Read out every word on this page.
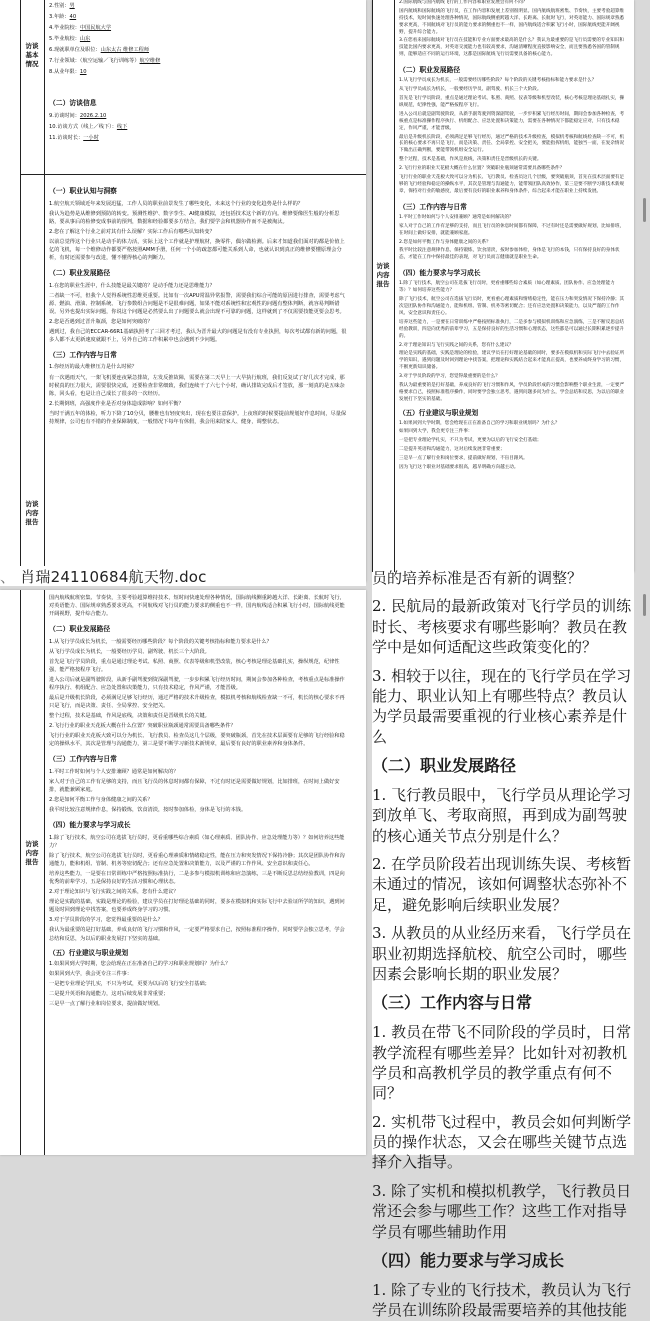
访谈基本情况
访谈内容报告
2.性别：男
3.年龄：40
4.毕业院校：中国民航大学
5.毕业航校：山东
6.现就职单位及职位：山东太古 维修工程师
7.行业领域：（航空运输／飞行训练等）航空维修
8.从业年限：10

（二）访谈信息

9.访谈时间：2026.2.10
10.访谈方式（线上／线下）：线下
11.访谈时长：一小时

（一）职业认知与洞察

1.航空航天领域近年来发展迅猛，工作人员的职业前景发生了哪些变化，未来这个行业的变化趋势是什么样的？

我认为趋势是从维修到预防的转变。预测性维护、数字孪生、AI健康模拟，还包括技术这个新的方向。维修要像医生般的分析思路，要从事后的检修变成事前的预判，数据和经验都要多方结合，我们要学会和机器协作而不是被淘汰。

2.您在了解这个行业之前对其有什么误解？实际工作后有哪些认知转变？

以前总觉得这个行业只是动手的体力活，实际上这个工作就是护理航材，换零件，偶尔做检测。后来才知道我们面对的都是价值上亿的飞机，每一个维修动作都要严格按照AMM手册，任何一个小的疏忽都可能关系到人命，也就认识到真正的维修要懂原理会分析，有时还需要参与改进，懂不懂得核心的判断力。

（二）职业发展路径

1.在您的职业生涯中，什么技能是最关键的？是动手能力还是思维能力？

二者缺一不可，但我个人觉得系统性思维更重要。比如有一次APU常温异常报警，需要我们综合可能的原因进行排查，需要考虑气源、燃油、滑油、控制系统、飞行参数组合问题是不是很难问题，如果不能对系统性和宏观性的问题有整体判断，就容易判断错误。另外也提出实际问题，你说这个问题是必然要么出了问题要么就会出现不可靠的问题，这样就到了不仅需要技能更要会思考。

2.您是否遇到过晋升瓶颈，您是如何突破的？

遇到过，我自己的ECCAR-66R1基础执照考了三回才考过，我认为晋升最大的问题是有没有专业执照，每次考试都有新的问题，很多人都不太更新速度就跟不上，另外自己的工作积累中也会遇到不少问题。

（三）工作内容与日常

1.你经历的最大维修压力是什么时候？

有一次遇雨天气，一架飞机要连夜紧急排故，左发反推故障，需要在第二天早上一大早执行航班，我们反复试了好几次才完成，那时候真的压力很大，需要很快完成，还要检查非常细致，我们连续干了六七个小时，确认排故完成后才签放，那一刻真的是五味杂陈，回头看，也是让自己成长了很多的一次经历。

2.长期倒班，高强度作业是否对身体造成影响？如何平衡？

当时干满五年的体检，听力下降了10分贝，腰椎也有轻度突出，现在也要注意保护。上夜班的时候要提前规划好作息时间，尽量保持规律，公司也有不错的作业保障制度，一般情况下每年有休假，我会用来陪家人、健身，调整状态。

、 肖瑞24110684航天物.doc
访谈内容报告

国内航线航班密集、节奏快，主要考验超算维持技术，短时间快速处理各种情况，国际航线侧重跨越大洋、长距离、长航时飞行，对英语能力、国际规章熟悉要求更高，不同航线对飞行员的能力要求的侧重也不一样，国内航线适合积累飞行小时，国际航线更能开阔视野，提升综合能力。

（二）职业发展路径

1.从飞行学员成长为机长，一般需要经历哪些阶段？每个阶段的关键考核指标和能力要求是什么？

从飞行学员成长为机长，一般要经历学员、副驾驶、机长三个大阶段。

首先是飞行学员阶段，重点是通过理论考试、私照、商照、仪表等级和机型改装，核心考核是理论基础扎实，操纵规范，纪律性强，能严格按程序飞行。

进入公司后就是副驾驶阶段，从新手副驾驶到资深副驾驶，一步步积累飞行经历时间，期间会参加各种检查，考核重点是标准操作程序执行、机组配合、应急处置和决策能力，只有技术稳定，作风严谨，才能晋级。

最后是升级机长阶段，必须满足足够飞行经历，通过严格的技术升级检查，模拟机考核和航线检查缺一不可，机长的核心要求不再只是飞行，而是决策、责任、全局掌控、安全把关。

整个过程，技术是基础，作风是底线，决策和责任是晋级机长的关键。

2.飞行行业的职业天花板大概在什么位置？突破职业瓶颈通常需要具备哪些条件？

飞行行业的职业天花板大致可以分为机长、飞行教员、检查员这几个层级，要突破瓶颈，首先在技术层面要有足够的飞行经验和稳定的操纵水平，其次是管理与沟通能力，第三是要不断学习新技术新规章，最后要有良好的职业素养和身体条件。

（三）工作内容与日常

1.平时工作时如何与个人安排兼顾？通常是如何解决的？

家人对于自己的工作有足够的支持，而且飞行员的休息时间都有保障，不过有时还是需要做好规划，比如排班，在时间上做好安排，就能兼顾家庭。

2.您是如何平衡工作与身体健康之间的关系？

我平时比较注意规律作息，保持锻炼，饮食清淡，按时参加体检，身体是飞行的本钱。

（四）能力要求与学习成长

1.除了飞行技术，航空公司在选拔飞行员时，更看重哪些综合素质（如心理素质、团队协作、应急处理能力等）？如何培养这些能力？

除了飞行技术，航空公司在选拔飞行员时，更看重心理素质和情绪稳定性，能在压力和突发情况下保持冷静；其次是团队协作和沟通能力，能和机组、管制、机务等密切配合；还有应急处置和决策能力，以及严谨的工作作风、安全意识和责任心。

培养这些能力，一是要在日常训练中严格按照标准执行，二是多参与模拟机训练和应急演练，三是不断反思总结经验教训，四是向优秀的前辈学习，五是保持良好的生活习惯和心理状态。

2.对于理论知识与飞行实践之间的关系，您有什么建议？

理论是实践的基础，实践是理论的检验，建议学员在打好理论基础的同时，要多在模拟机和实际飞行中去验证所学的知识，遇到问题及时回到理论中找答案，也要养成终身学习的习惯。

3.对于学员阶段的学习，您觉得最重要的是什么？

我认为最重要的是打好基础，养成良好的飞行习惯和作风，一定要严格要求自己，按照标准程序操作，同时要学会独立思考，学会总结和反思，为以后的职业发展打下坚实的基础。

（五）行业建议与职业规划

1.如果回到大学时期，您会给现在正在准备自己的学习和职业规划吗？为什么？

如果回到大学，我会更专注三件事：

一是把专业理论学扎实，不只为考试，更要为以后的飞行安全打基础；

二是提升英语和沟通能力，这对后续发展非常重要；

三是早一点了解行业和岗位要求，提前做好规划。

访谈内容报告

2.国际航线与国内航线飞行的工作内容和职业发展会有何不同？

国内航线和国际航线的飞行员，在工作内容和发展上差别很明显。国内航线航班密集、节奏快，主要考验超算维持技术，短时间快速处理各种情况，国际航线侧重跨越大洋、长距离、长航时飞行，对英语能力、国际规章熟悉要求更高，不同航线对飞行员的能力要求的侧重也不一样，国内航线适合积累飞行小时，国际航线更能开阔视野，提升综合能力。

3.在您看来国际航线对飞行员在技能和专业方面要求最高的是什么？我认为最重要的是飞行员需要的专业知识和技能比国内要求更高，对英语交流能力也有较高要求，沟通清晰程度直接影响安全，而且要熟悉各国的管制规则，能够适应不同的运行环境，这都是国际航线飞行员需要具备的核心能力。

（二）职业发展路径

1.从飞行学员成长为机长，一般需要经历哪些阶段？每个阶段的关键考核指标和能力要求是什么？

从飞行学员成长为机长，一般要经历学员、副驾驶、机长三个大阶段。

首先是飞行学员阶段，重点是通过理论考试、私照、商照、仪表等级和机型改装，核心考核是理论基础扎实，操纵规范，纪律性强，能严格按程序飞行。

进入公司后就是副驾驶阶段，从新手副驾驶到资深副驾驶，一步步积累飞行经历时间，期间会参加各种检查，考核重点是标准操作程序执行、机组配合、应急处置和决策能力，需要在各种情况下都能稳定应对，只有技术稳定，作风严谨，才能晋级。

最后是升级机长阶段，必须满足足够飞行经历，通过严格的技术升级检查，模拟机考核和航线检查缺一不可，机长的核心要求不再只是飞行，而是决策、责任、全局掌控、安全把关，要能指挥机组，能独当一面，在复杂情况下做出正确判断，要能带领机组安全运行。

整个过程，技术是基础，作风是底线，决策和责任是晋级机长的关键。

2.飞行行业的职业天花板大概在什么位置？突破职业瓶颈通常需要具备哪些条件？

飞行行业的职业天花板大致可以分为机长、飞行教员、检查员这几个层级，要突破瓶颈，首先在技术层面要有足够的飞行经验和稳定的操纵水平，其次是管理与沟通能力，能带领团队高效协作，第三是要不断学习新技术新规章，保持对行业的敏感度，最后要有良好的职业素养和身体条件，综合起来才能在职业上持续发展。

（三）工作内容与日常

1.平时工作时如何与个人安排兼顾？通常是如何解决的？

家人对于自己的工作有足够的支持，而且飞行员的休息时间都有保障，不过有时还是需要做好规划，比如排班，在时间上做好安排，就能兼顾家庭。

2.您是如何平衡工作与身体健康之间的关系？

我平时比较注意规律作息，保持锻炼，饮食清淡，按时参加体检，身体是飞行的本钱，只有保持良好的身体状态，才能在工作中保持最佳的表现，对飞行员而言健康就是职业生命。

（四）能力要求与学习成长

1.除了飞行技术，航空公司在选拔飞行员时，更看重哪些综合素质（如心理素质、团队协作、应急处理能力等）？如何培养这些能力？

除了飞行技术，航空公司在选拔飞行员时，更看重心理素质和情绪稳定性，能在压力和突发情况下保持冷静；其次是团队协作和沟通能力，能和机组、管制、机务等密切配合；还有应急处置和决策能力，以及严谨的工作作风、安全意识和责任心。

培养这些能力，一是要在日常训练中严格按照标准执行，二是多参与模拟机训练和应急演练，三是不断反思总结经验教训，四是向优秀的前辈学习，五是保持良好的生活习惯和心理状态，这些都是可以通过长期积累逐步提升的。

2.对于理论知识与飞行实践之间的关系，您有什么建议？

理论是实践的基础，实践是理论的检验，建议学员在打好理论基础的同时，要多在模拟机和实际飞行中去验证所学的知识，遇到问题及时回到理论中找答案，把理论和实践结合起来才能真正提高，也要养成终身学习的习惯，不断更新知识储备。

3.对于学员阶段的学习，您觉得最重要的是什么？

我认为最重要的是打好基础，养成良好的飞行习惯和作风，学员阶段形成的习惯会影响整个职业生涯，一定要严格要求自己，按照标准程序操作，同时要学会独立思考，遇到问题多问为什么，学会总结和反思，为以后的职业发展打下坚实的基础。

（五）行业建议与职业规划

1.如果回到大学时期，您会给现在正在准备自己的学习和职业规划吗？为什么？

如果回到大学，我会更专注三件事：

一是把专业理论学扎实，不只为考试，更要为以后的飞行安全打基础；

二是提升英语和沟通能力，这对后续发展非常重要；

三是早一点了解行业和岗位要求，提前做好规划，不盲目跟风。

因为飞行这个职业对基础要求很高，越早明确方向越主动。

员的培养标准是否有新的调整？

2. 民航局的最新政策对飞行学员的训练时长、考核要求有哪些影响？教员在教学中是如何适配这些政策变化的？

3. 相较于以往，现在的飞行学员在学习能力、职业认知上有哪些特点？教员认为学员最需要重视的行业核心素养是什么

（二）职业发展路径

1. 飞行教员眼中，飞行学员从理论学习到放单飞、考取商照，再到成为副驾驶的核心通关节点分别是什么？

2. 在学员阶段若出现训练失误、考核暂未通过的情况，该如何调整状态弥补不足，避免影响后续职业发展？

3. 从教员的从业经历来看，飞行学员在职业初期选择航校、航空公司时，哪些因素会影响长期的职业发展？

（三）工作内容与日常

1. 教员在带飞不同阶段的学员时，日常教学流程有哪些差异？比如针对初教机学员和高教机学员的教学重点有何不同？

2. 实机带飞过程中，教员会如何判断学员的操作状态，又会在哪些关键节点选择介入指导。

3. 除了实机和模拟机教学，飞行教员日常还会参与哪些工作？这些工作对指导学员有哪些辅助作用

（四）能力要求与学习成长

1. 除了专业的飞行技术，教员认为飞行学员在训练阶段最需要培养的其他技能
